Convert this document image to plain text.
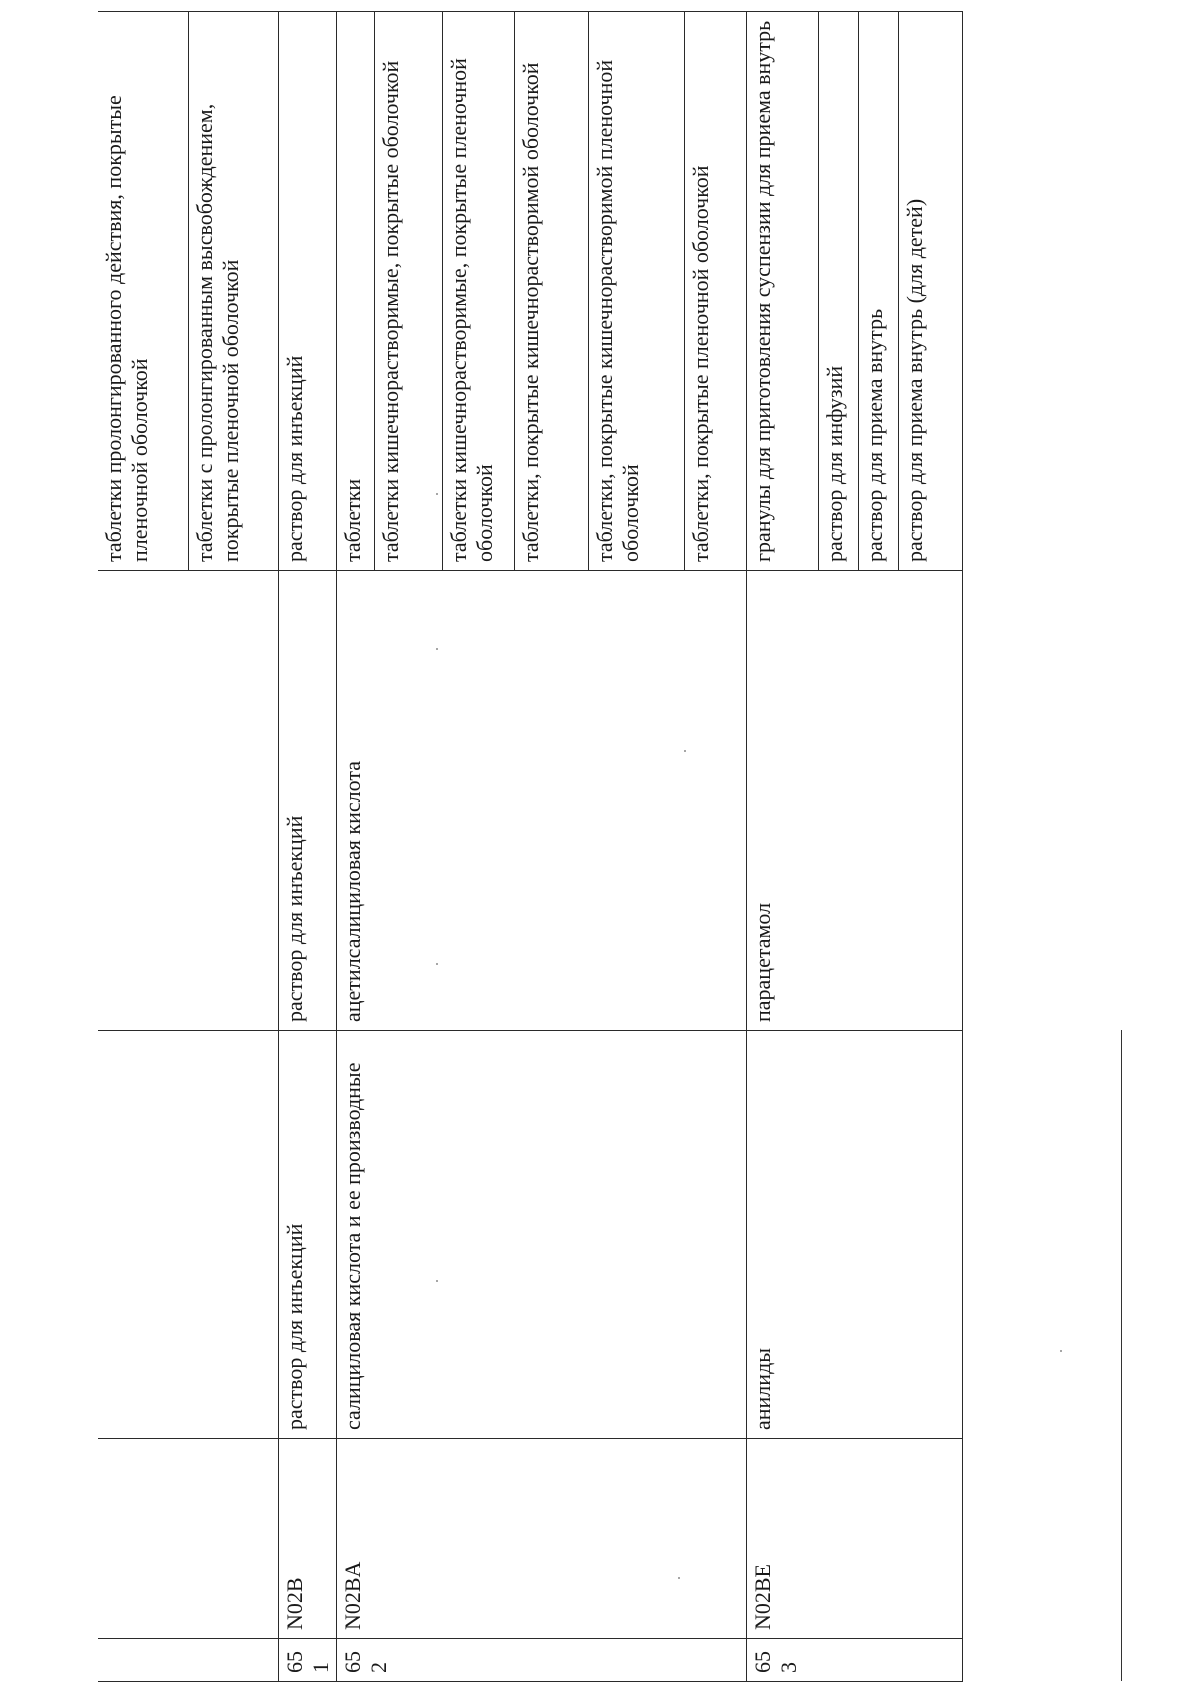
				таблетки пролонгированного действия, покрытые пленочной оболочкой
				таблетки с пролонгированным высвобождением, покрытые пленочной оболочкой
651	N02B	раствор для инъекций	раствор для инъекций	раствор для инъекций
652	N02BA	салициловая кислота и ее производные	ацетилсалициловая кислота	таблетки
				таблетки кишечнорастворимые, покрытые оболочкой
				таблетки кишечнорастворимые, покрытые пленочной оболочкой
				таблетки, покрытые кишечнорастворимой оболочкой
				таблетки, покрытые кишечнорастворимой пленочной оболочкой
				таблетки, покрытые пленочной оболочкой
653	N02BE	анилиды	парацетамол	гранулы для приготовления суспензии для приема внутрь
				раствор для инфузий
				раствор для приема внутрь
				раствор для приема внутрь (для детей)
